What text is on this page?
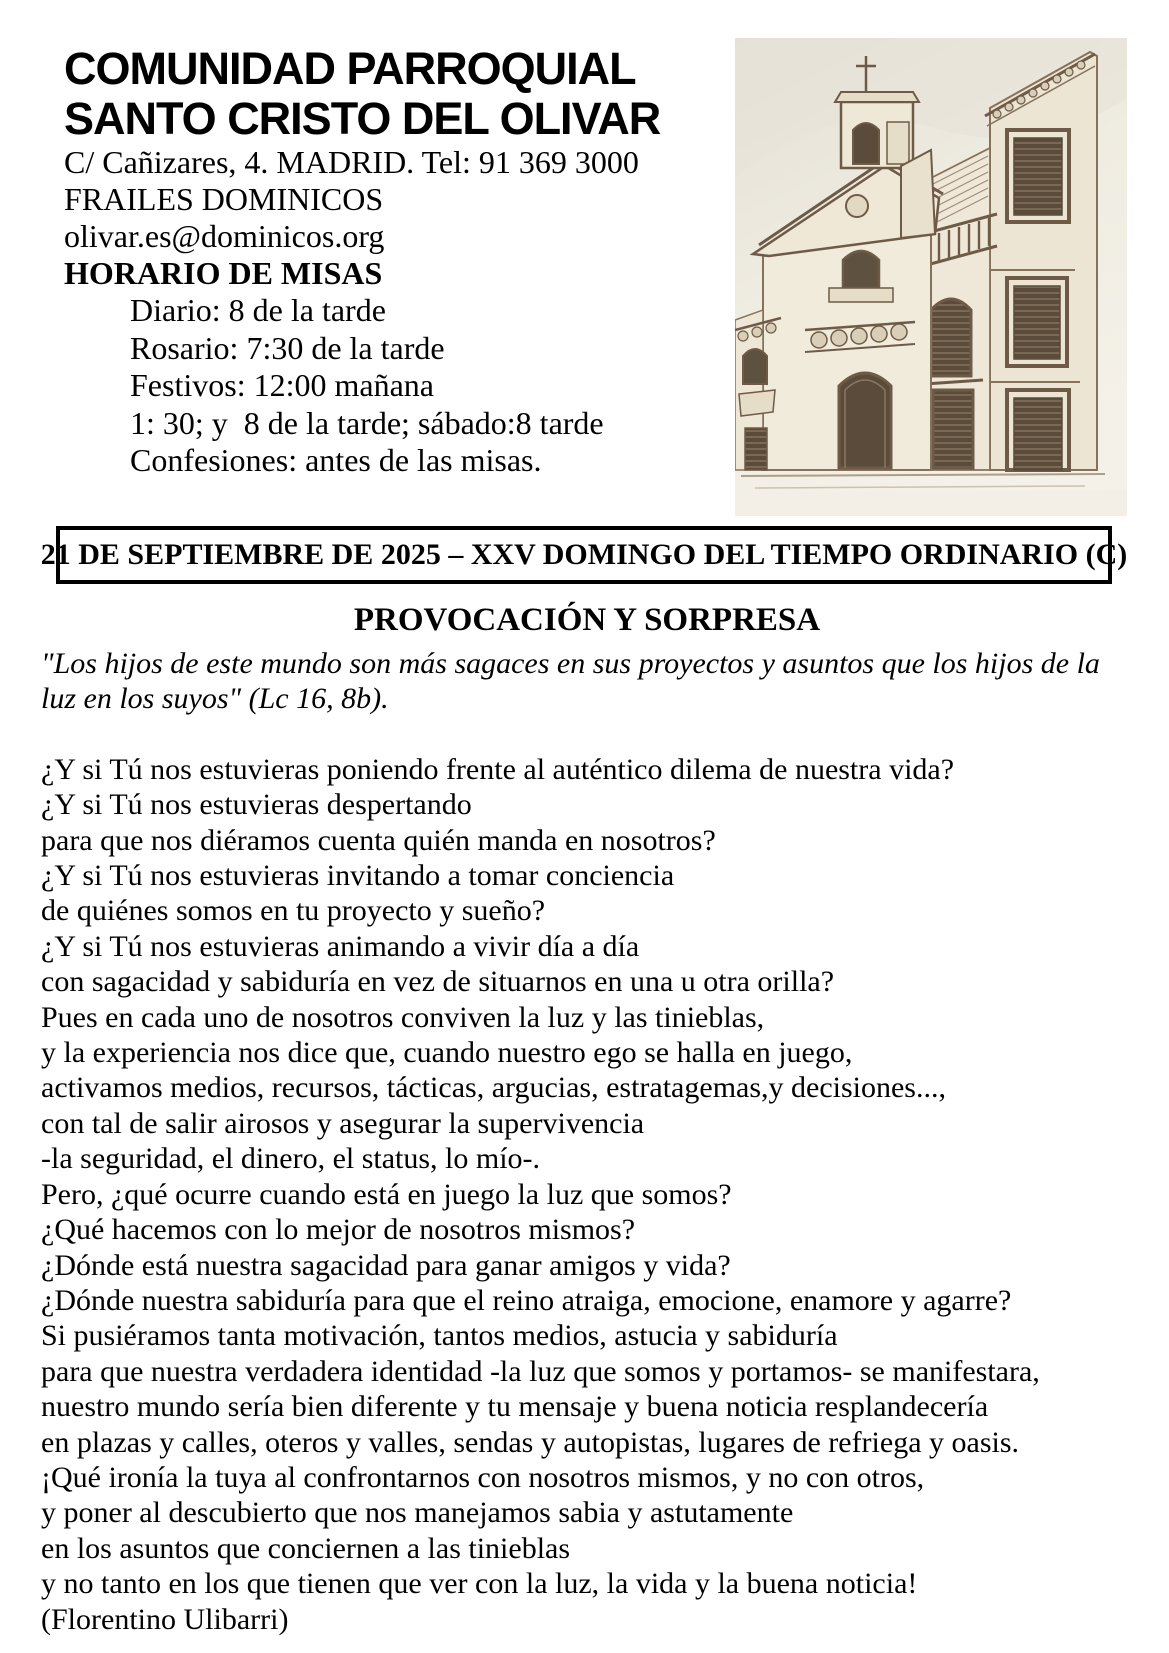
COMUNIDAD PARROQUIAL
SANTO CRISTO DEL OLIVAR

C/ Cañizares, 4. MADRID. Tel: 91 369 3000

FRAILES DOMINICOS

olivar.es@dominicos.org

HORARIO DE MISAS

Diario: 8 de la tarde
Rosario: 7:30 de la tarde
Festivos: 12:00 mañana
1: 30; y  8 de la tarde; sábado:8 tarde
Confesiones: antes de las misas.
21 DE SEPTIEMBRE DE 2025 – XXV DOMINGO DEL TIEMPO ORDINARIO (C)
PROVOCACIÓN Y SORPRESA

"Los hijos de este mundo son más sagaces en sus proyectos y asuntos que los hijos de la luz en los suyos" (Lc 16, 8b).

¿Y si Tú nos estuvieras poniendo frente al auténtico dilema de nuestra vida?
¿Y si Tú nos estuvieras despertando
para que nos diéramos cuenta quién manda en nosotros?
¿Y si Tú nos estuvieras invitando a tomar conciencia
de quiénes somos en tu proyecto y sueño?
¿Y si Tú nos estuvieras animando a vivir día a día
con sagacidad y sabiduría en vez de situarnos en una u otra orilla?
Pues en cada uno de nosotros conviven la luz y las tinieblas,
y la experiencia nos dice que, cuando nuestro ego se halla en juego,
activamos medios, recursos, tácticas, argucias, estratagemas,y decisiones...,
con tal de salir airosos y asegurar la supervivencia
-la seguridad, el dinero, el status, lo mío-.
Pero, ¿qué ocurre cuando está en juego la luz que somos?
¿Qué hacemos con lo mejor de nosotros mismos?
¿Dónde está nuestra sagacidad para ganar amigos y vida?
¿Dónde nuestra sabiduría para que el reino atraiga, emocione, enamore y agarre?
Si pusiéramos tanta motivación, tantos medios, astucia y sabiduría
para que nuestra verdadera identidad -la luz que somos y portamos- se manifestara,
nuestro mundo sería bien diferente y tu mensaje y buena noticia resplandecería
en plazas y calles, oteros y valles, sendas y autopistas, lugares de refriega y oasis.
¡Qué ironía la tuya al confrontarnos con nosotros mismos, y no con otros,
y poner al descubierto que nos manejamos sabia y astutamente
en los asuntos que conciernen a las tinieblas
y no tanto en los que tienen que ver con la luz, la vida y la buena noticia!
(Florentino Ulibarri)
